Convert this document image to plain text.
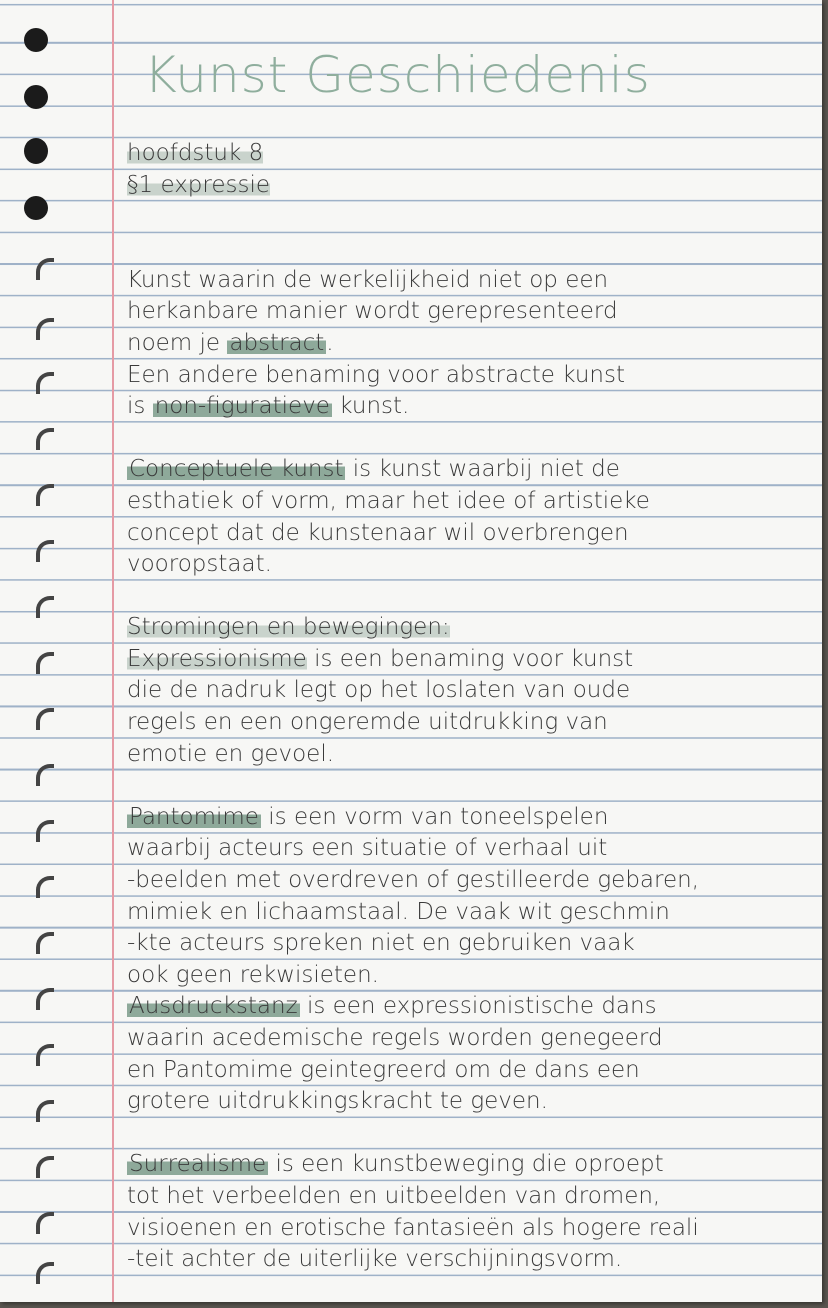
Kunst Geschiedenis
hoofdstuk 8
§1 expressie
Kunst waarin de werkelijkheid niet op een
herkanbare manier wordt gerepresenteerd
noem je abstract.
Een andere benaming voor abstracte kunst
is non-figuratieve kunst.
Conceptuele kunst is kunst waarbij niet de
esthatiek of vorm, maar het idee of artistieke
concept dat de kunstenaar wil overbrengen
vooropstaat.
Stromingen en bewegingen:
Expressionisme is een benaming voor kunst
die de nadruk legt op het loslaten van oude
regels en een ongeremde uitdrukking van
emotie en gevoel.
Pantomime is een vorm van toneelspelen
waarbij acteurs een situatie of verhaal uit
-beelden met overdreven of gestilleerde gebaren,
mimiek en lichaamstaal. De vaak wit geschmin
-kte acteurs spreken niet en gebruiken vaak
ook geen rekwisieten.
Ausdruckstanz is een expressionistische dans
waarin acedemische regels worden genegeerd
en Pantomime geintegreerd om de dans een
grotere uitdrukkingskracht te geven.
Surrealisme is een kunstbeweging die oproept
tot het verbeelden en uitbeelden van dromen,
visioenen en erotische fantasieën als hogere reali
-teit achter de uiterlijke verschijningsvorm.
